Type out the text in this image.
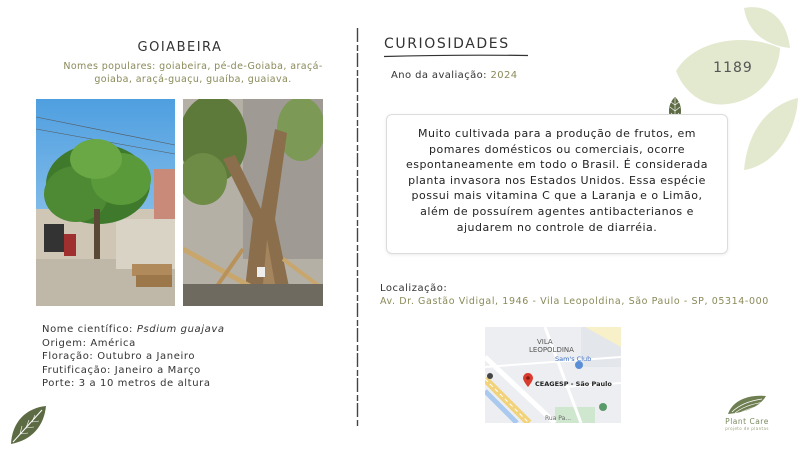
GOIABEIRA
Nomes populares: goiabeira, pé-de-Goiaba, araçá-goiaba, araçá-guaçu, guaíba, guaiava.
Nome científico: Psdium guajava
Origem: América
Floração: Outubro a Janeiro
Frutificação: Janeiro a Março
Porte: 3 a 10 metros de altura
CURIOSIDADES
Ano da avaliação: 2024	1189
Muito cultivada para a produção de frutos, em pomares domésticos ou comerciais, ocorre espontaneamente em todo o Brasil. É considerada planta invasora nos Estados Unidos. Essa espécie possui mais vitamina C que a Laranja e o Limão, além de possuírem agentes antibacterianos e ajudarem no controle de diarréia.
Localização:
Av. Dr. Gastão Vidigal, 1946 - Vila Leopoldina, São Paulo - SP, 05314-000
VILA
LEOPOLDINA
Sam's Club
CEAGESP - São Paulo
Rua Pa...	Plant Care
projeto de plantas
